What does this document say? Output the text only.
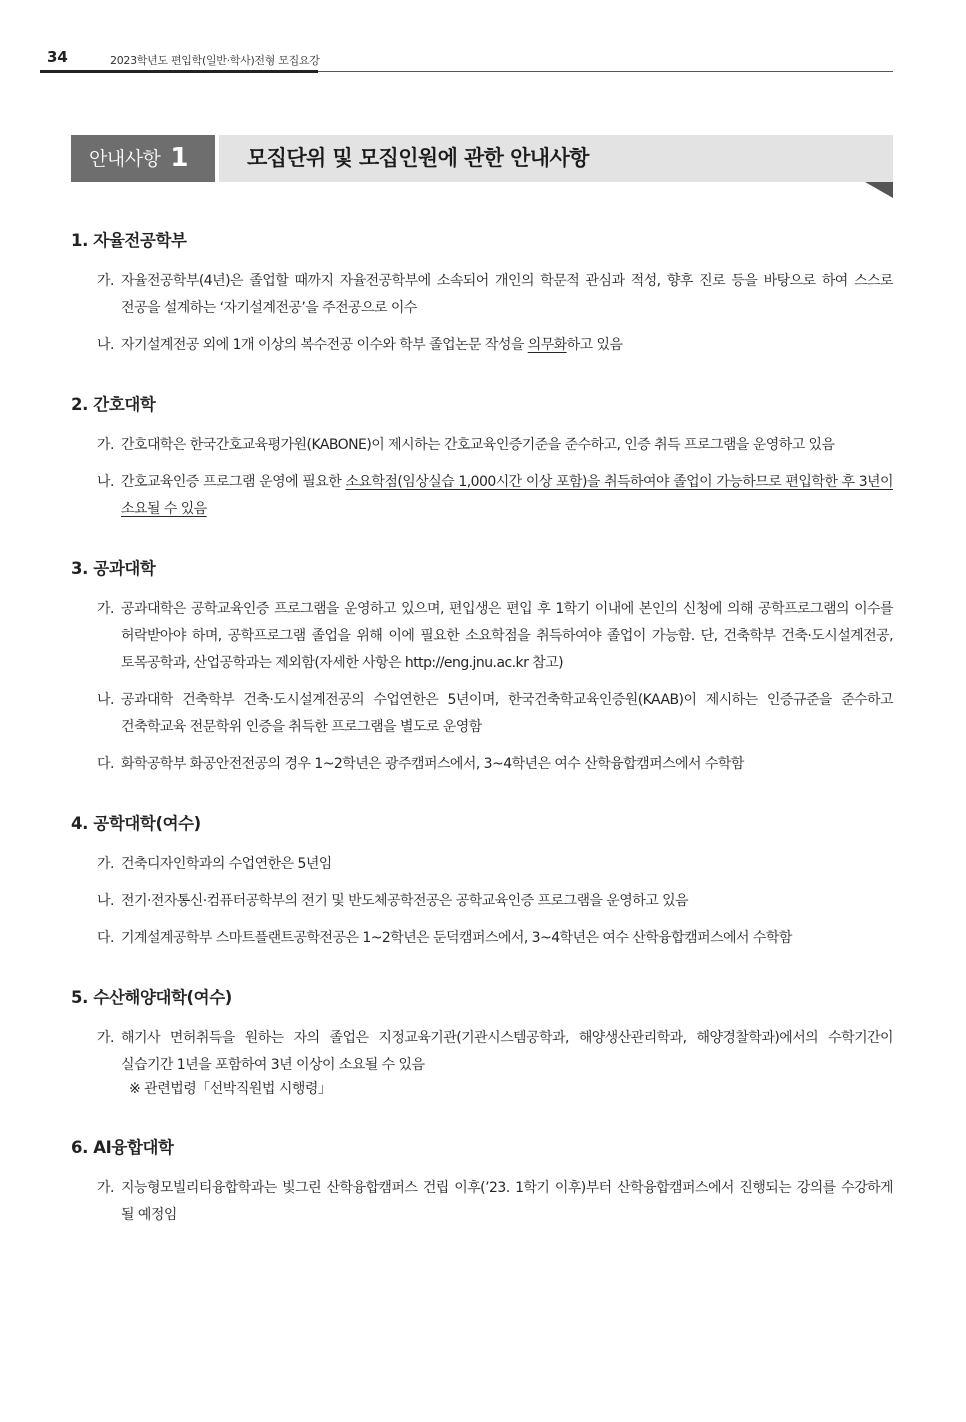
34	2023학년도 편입학(일반·학사)전형 모집요강
안내사항 1	모집단위 및 모집인원에 관한 안내사항
1. 자율전공학부
가. 자율전공학부(4년)은 졸업할 때까지 자율전공학부에 소속되어 개인의 학문적 관심과 적성, 향후 진로 등을 바탕으로 하여 스스로 전공을 설계하는 ‘자기설계전공’을 주전공으로 이수
나. 자기설계전공 외에 1개 이상의 복수전공 이수와 학부 졸업논문 작성을 의무화하고 있음
2. 간호대학
가. 간호대학은 한국간호교육평가원(KABONE)이 제시하는 간호교육인증기준을 준수하고, 인증 취득 프로그램을 운영하고 있음
나. 간호교육인증 프로그램 운영에 필요한 소요학점(임상실습 1,000시간 이상 포함)을 취득하여야 졸업이 가능하므로 편입학한 후 3년이 소요될 수 있음
3. 공과대학
가. 공과대학은 공학교육인증 프로그램을 운영하고 있으며, 편입생은 편입 후 1학기 이내에 본인의 신청에 의해 공학프로그램의 이수를 허락받아야 하며, 공학프로그램 졸업을 위해 이에 필요한 소요학점을 취득하여야 졸업이 가능함. 단, 건축학부 건축·도시설계전공, 토목공학과, 산업공학과는 제외함(자세한 사항은 http://eng.jnu.ac.kr 참고)
나. 공과대학 건축학부 건축·도시설계전공의 수업연한은 5년이며, 한국건축학교육인증원(KAAB)이 제시하는 인증규준을 준수하고 건축학교육 전문학위 인증을 취득한 프로그램을 별도로 운영함
다. 화학공학부 화공안전전공의 경우 1~2학년은 광주캠퍼스에서, 3~4학년은 여수 산학융합캠퍼스에서 수학함
4. 공학대학(여수)
가. 건축디자인학과의 수업연한은 5년임
나. 전기·전자통신·컴퓨터공학부의 전기 및 반도체공학전공은 공학교육인증 프로그램을 운영하고 있음
다. 기계설계공학부 스마트플랜트공학전공은 1~2학년은 둔덕캠퍼스에서, 3~4학년은 여수 산학융합캠퍼스에서 수학함
5. 수산해양대학(여수)
가. 해기사 면허취득을 원하는 자의 졸업은 지정교육기관(기관시스템공학과, 해양생산관리학과, 해양경찰학과)에서의 수학기간이 실습기간 1년을 포함하여 3년 이상이 소요될 수 있음
※ 관련법령「선박직원법 시행령」
6. AI융합대학
가. 지능형모빌리티융합학과는 빛그린 산학융합캠퍼스 건립 이후(’23. 1학기 이후)부터 산학융합캠퍼스에서 진행되는 강의를 수강하게 될 예정임
